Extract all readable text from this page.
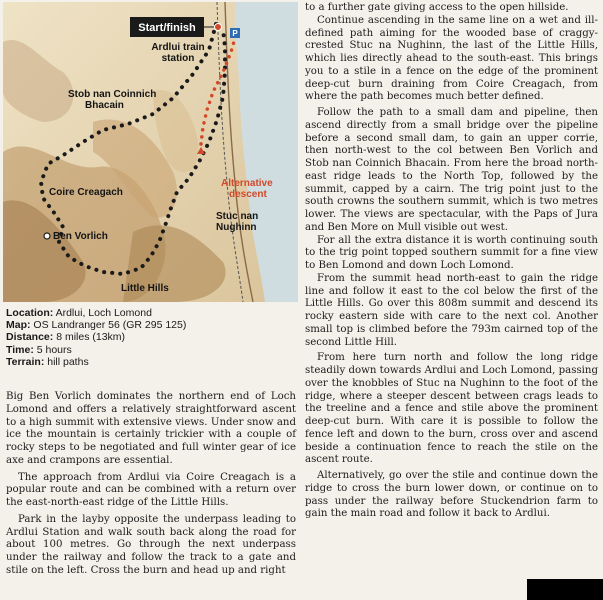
Start/finish	P
Ardlui train
station
Stob nan Coinnich
Bhacain
Coire Creagach
Ben Vorlich
Alternative
descent
Stuc nan
Nughinn
Little Hills
Location: Ardlui, Loch Lomond
Map: OS Landranger 56 (GR 295 125)
Distance: 8 miles (13km)
Time: 5 hours
Terrain: hill paths

Big Ben Vorlich dominates the northern end of Loch Lomond and offers a relatively straightforward ascent to a high summit with extensive views. Under snow and ice the mountain is certainly trickier with a couple of rocky steps to be negotiated and full winter gear of ice axe and crampons are essential.

The approach from Ardlui via Coire Creagach is a popular route and can be combined with a return over the east-north-east ridge of the Little Hills.

Park in the layby opposite the underpass leading to Ardlui Station and walk south back along the road for about 100 metres. Go through the next underpass under the railway and follow the track to a gate and stile on the left. Cross the burn and head up and right

to a further gate giving access to the open hillside.

Continue ascending in the same line on a wet and ill-defined path aiming for the wooded base of craggy-crested Stuc na Nughinn, the last of the Little Hills, which lies directly ahead to the south-east. This brings you to a stile in a fence on the edge of the prominent deep-cut burn draining from Coire Creagach, from where the path becomes much better defined.

Follow the path to a small dam and pipeline, then ascend directly from a small bridge over the pipeline before a second small dam, to gain an upper corrie, then north-west to the col between Ben Vorlich and Stob nan Coinnich Bhacain. From here the broad north-east ridge leads to the North Top, followed by the summit, capped by a cairn. The trig point just to the south crowns the southern summit, which is two metres lower. The views are spectacular, with the Paps of Jura and Ben More on Mull visible out west.

For all the extra distance it is worth continuing south to the trig point topped southern summit for a fine view to Ben Lomond and down Loch Lomond.

From the summit head north-east to gain the ridge line and follow it east to the col below the first of the Little Hills. Go over this 808m summit and descend its rocky eastern side with care to the next col. Another small top is climbed before the 793m cairned top of the second Little Hill.

From here turn north and follow the long ridge steadily down towards Ardlui and Loch Lomond, passing over the knobbles of Stuc na Nughinn to the foot of the ridge, where a steeper descent between crags leads to the treeline and a fence and stile above the prominent deep-cut burn. With care it is possible to follow the fence left and down to the burn, cross over and ascend beside a continuation fence to reach the stile on the ascent route.

Alternatively, go over the stile and continue down the ridge to cross the burn lower down, or continue on to pass under the railway before Stuckendrion farm to gain the main road and follow it back to Ardlui.
